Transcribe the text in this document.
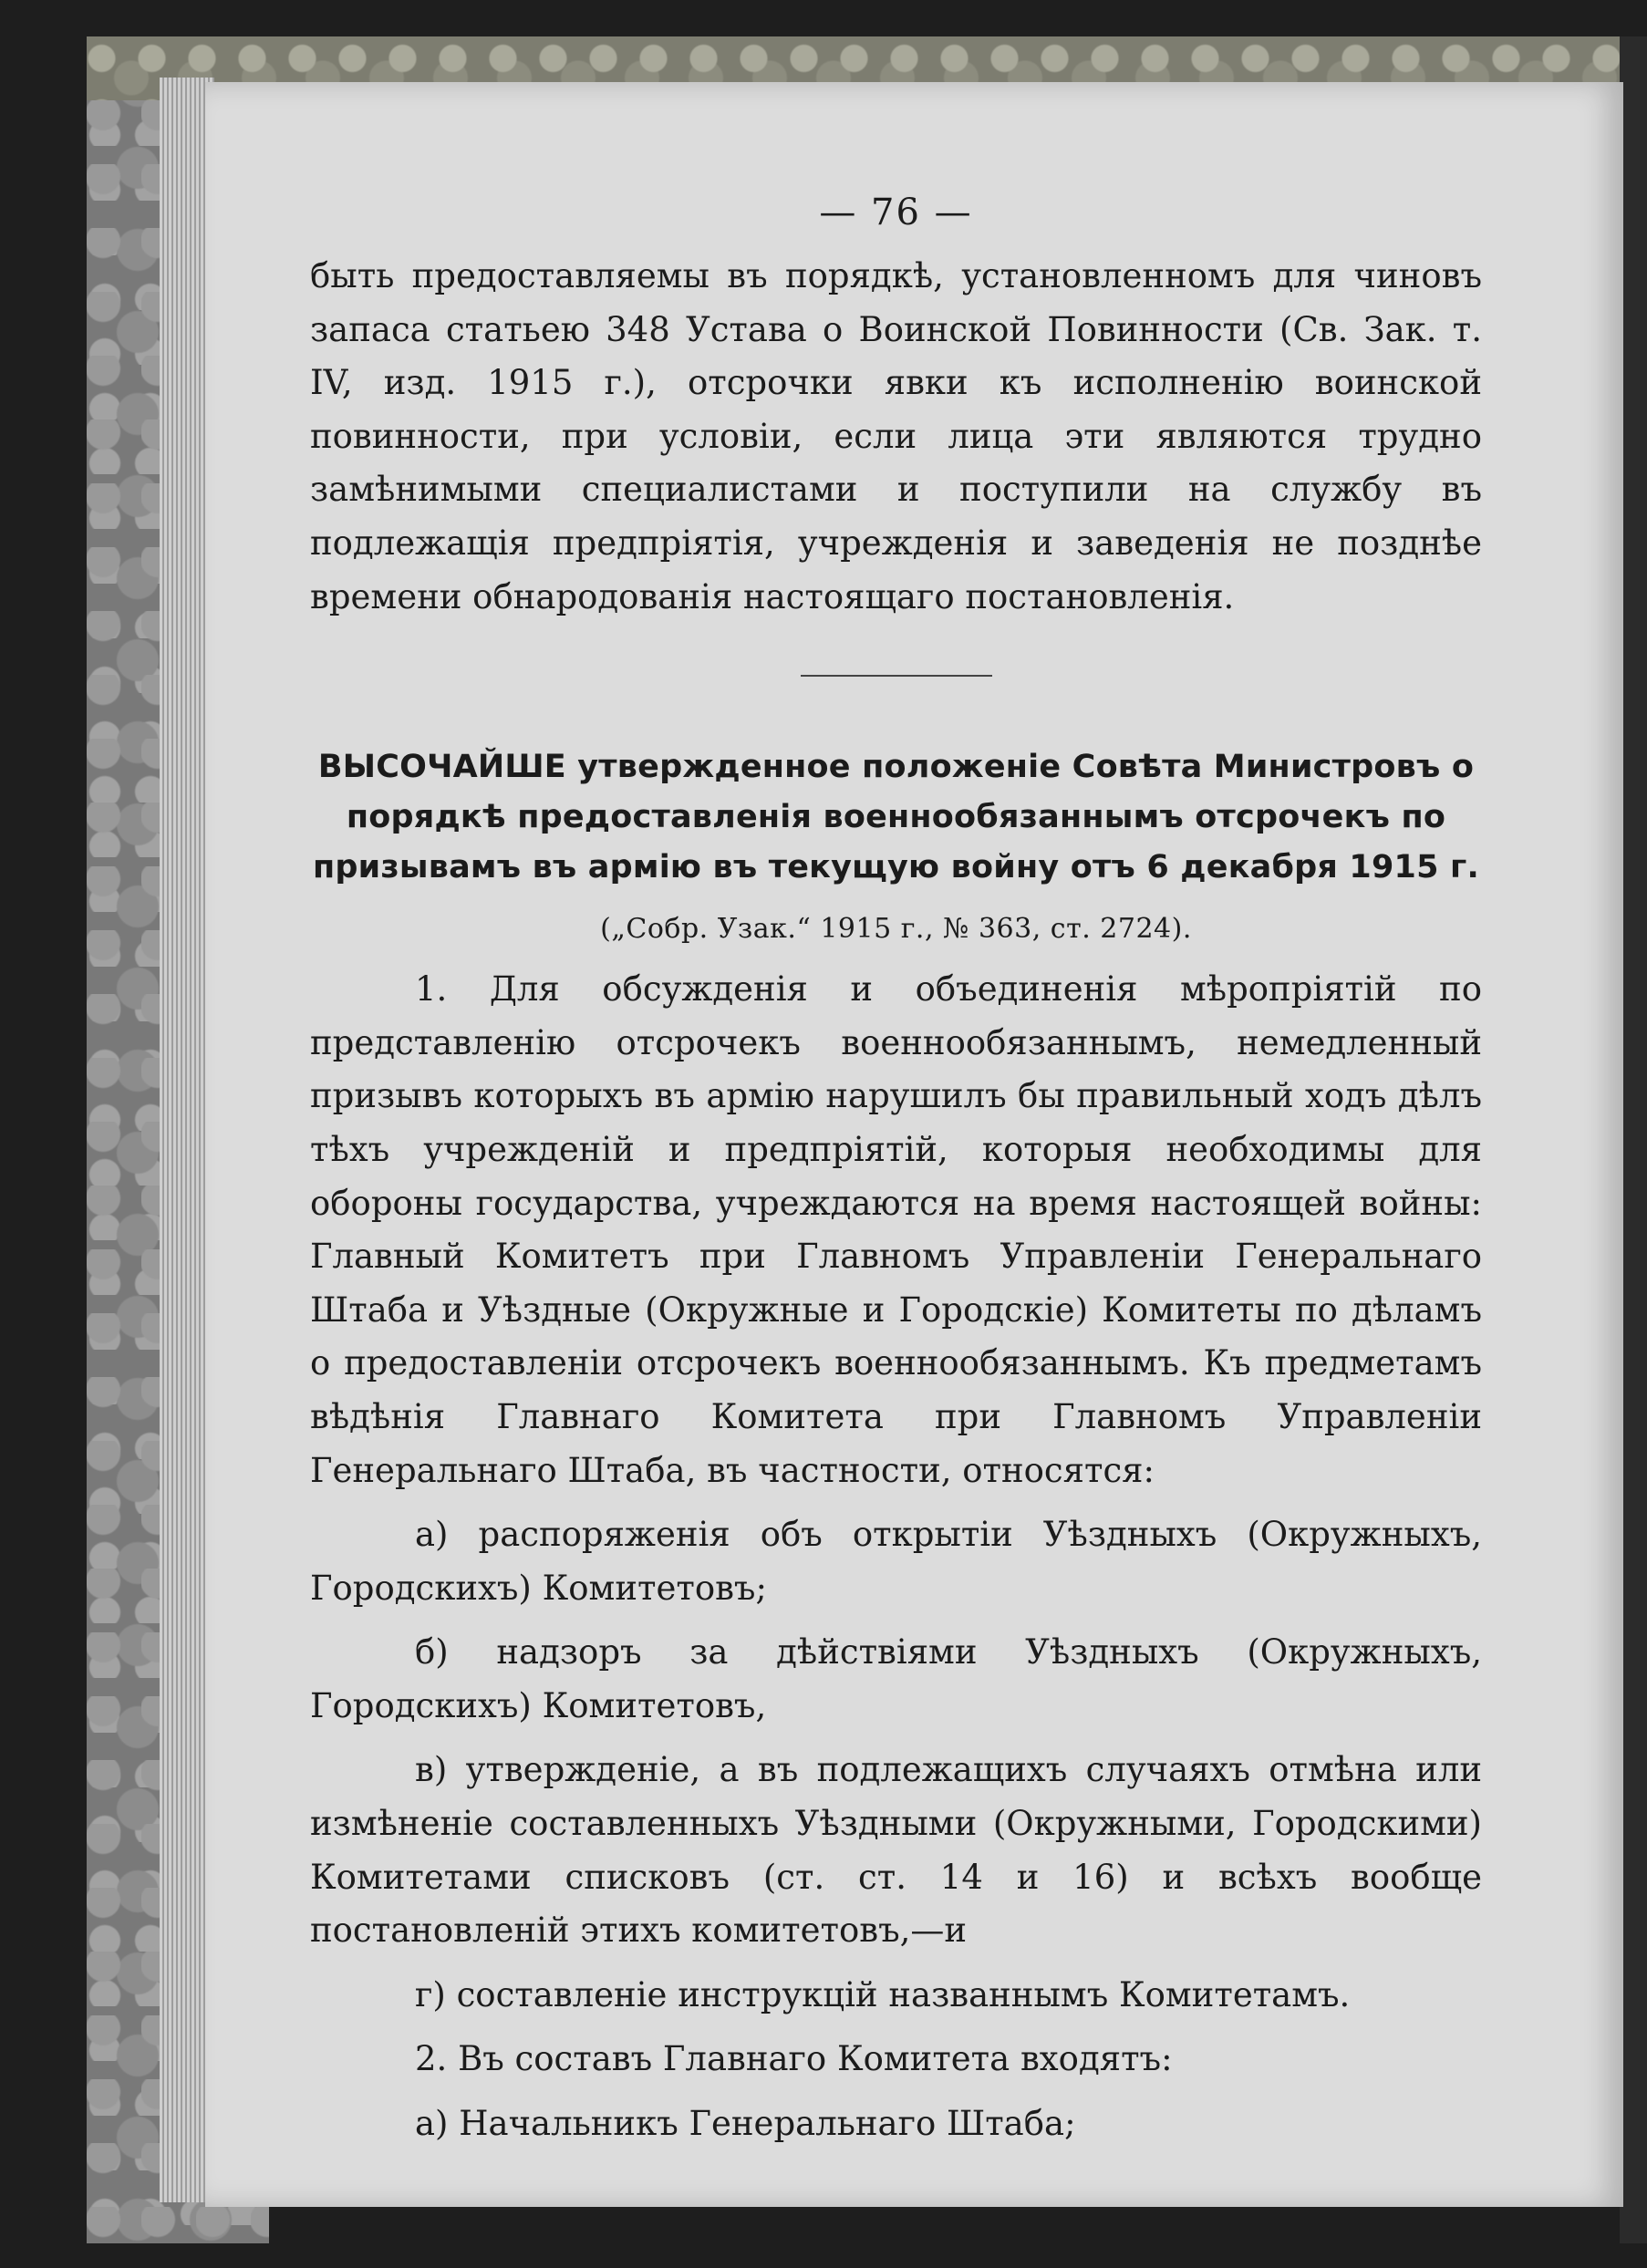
— 76 —

быть предоставляемы въ порядкѣ, установленномъ для чиновъ запаса статьею 348 Устава о Воинской Повинности (Св. Зак. т. IV, изд. 1915 г.), отсрочки явки къ исполненію воинской повинности, при условіи, если лица эти являются трудно замѣнимыми специалистами и поступили на службу въ подлежащія предпріятія, учрежденія и заведенія не позднѣе времени обнародованія настоящаго постановленія.

ВЫСОЧАЙШЕ утвержденное положеніе Совѣта Министровъ о порядкѣ предоставленія военнообязаннымъ отсрочекъ по призывамъ въ армію въ текущую войну отъ 6 декабря 1915 г.

(„Собр. Узак.“ 1915 г., № 363, ст. 2724).

1. Для обсужденія и объединенія мѣропріятій по представленію отсрочекъ военнообязаннымъ, немедленный призывъ которыхъ въ армію нарушилъ бы правильный ходъ дѣлъ тѣхъ учрежденій и предпріятій, которыя необходимы для обороны государства, учреждаются на время настоящей войны: Главный Комитетъ при Главномъ Управленіи Генеральнаго Штаба и Уѣздные (Окружные и Городскіе) Комитеты по дѣламъ о предоставленіи отсрочекъ военнообязаннымъ. Къ предметамъ вѣдѣнія Главнаго Комитета при Главномъ Управленіи Генеральнаго Штаба, въ частности, относятся:

а) распоряженія объ открытіи Уѣздныхъ (Окружныхъ, Городскихъ) Комитетовъ;

б) надзоръ за дѣйствіями Уѣздныхъ (Окружныхъ, Городскихъ) Комитетовъ,

в) утвержденіе, а въ подлежащихъ случаяхъ отмѣна или измѣненіе составленныхъ Уѣздными (Окружными, Городскими) Комитетами списковъ (ст. ст. 14 и 16) и всѣхъ вообще постановленій этихъ комитетовъ,—и

г) составленіе инструкцій названнымъ Комитетамъ.

2. Въ составъ Главнаго Комитета входятъ:

а) Начальникъ Генеральнаго Штаба;
